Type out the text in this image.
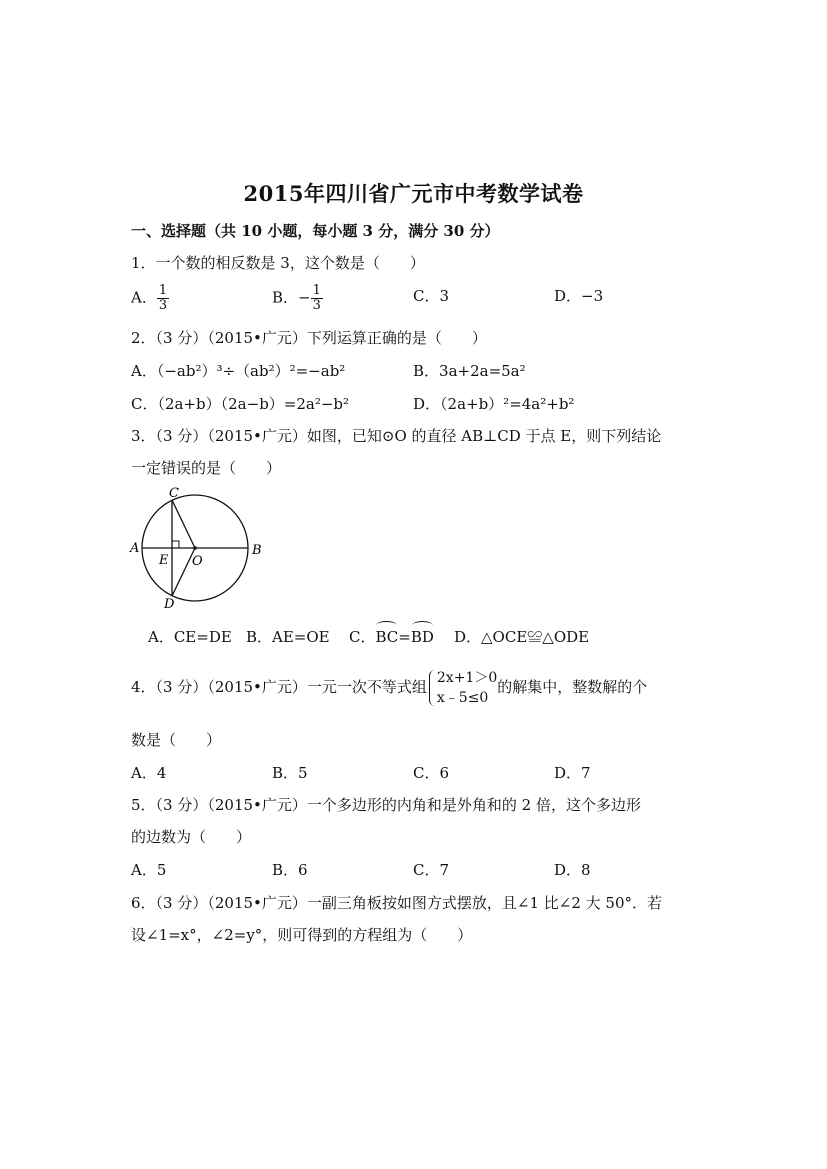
2015年四川省广元市中考数学试卷
一、选择题（共 10 小题，每小题 3 分，满分 30 分）
1．一个数的相反数是 3，这个数是（　　）
A． $\frac{1}{3}$	B．− $\frac{1}{3}$	C．3	D．−3
2．（3 分）（2015•广元）下列运算正确的是（　　）
A．（−ab²）³÷（ab²）²=−ab²	B．3a+2a=5a²
C．（2a+b）（2a−b）=2a²−b²	D．（2a+b）²=4a²+b²
3．（3 分）（2015•广元）如图，已知⊙O 的直径 AB⊥CD 于点 E，则下列结论
一定错误的是（　　）
C
A
E O
B
D
A．CE=DE B．AE=OE C．BC=BD D．△OCE≌△ODE
4．（3 分）（2015•广元）一元一次不等式组 2x+1＞0
x﹣5≤0
的解集中，整数解的个
数是（　　）
A．4	B．5	C．6	D．7
5．（3 分）（2015•广元）一个多边形的内角和是外角和的 2 倍，这个多边形
的边数为（　　）
A．5	B．6	C．7	D．8
6．（3 分）（2015•广元）一副三角板按如图方式摆放，且∠1 比∠2 大 50°．若
设∠1=x°，∠2=y°，则可得到的方程组为（　　）
